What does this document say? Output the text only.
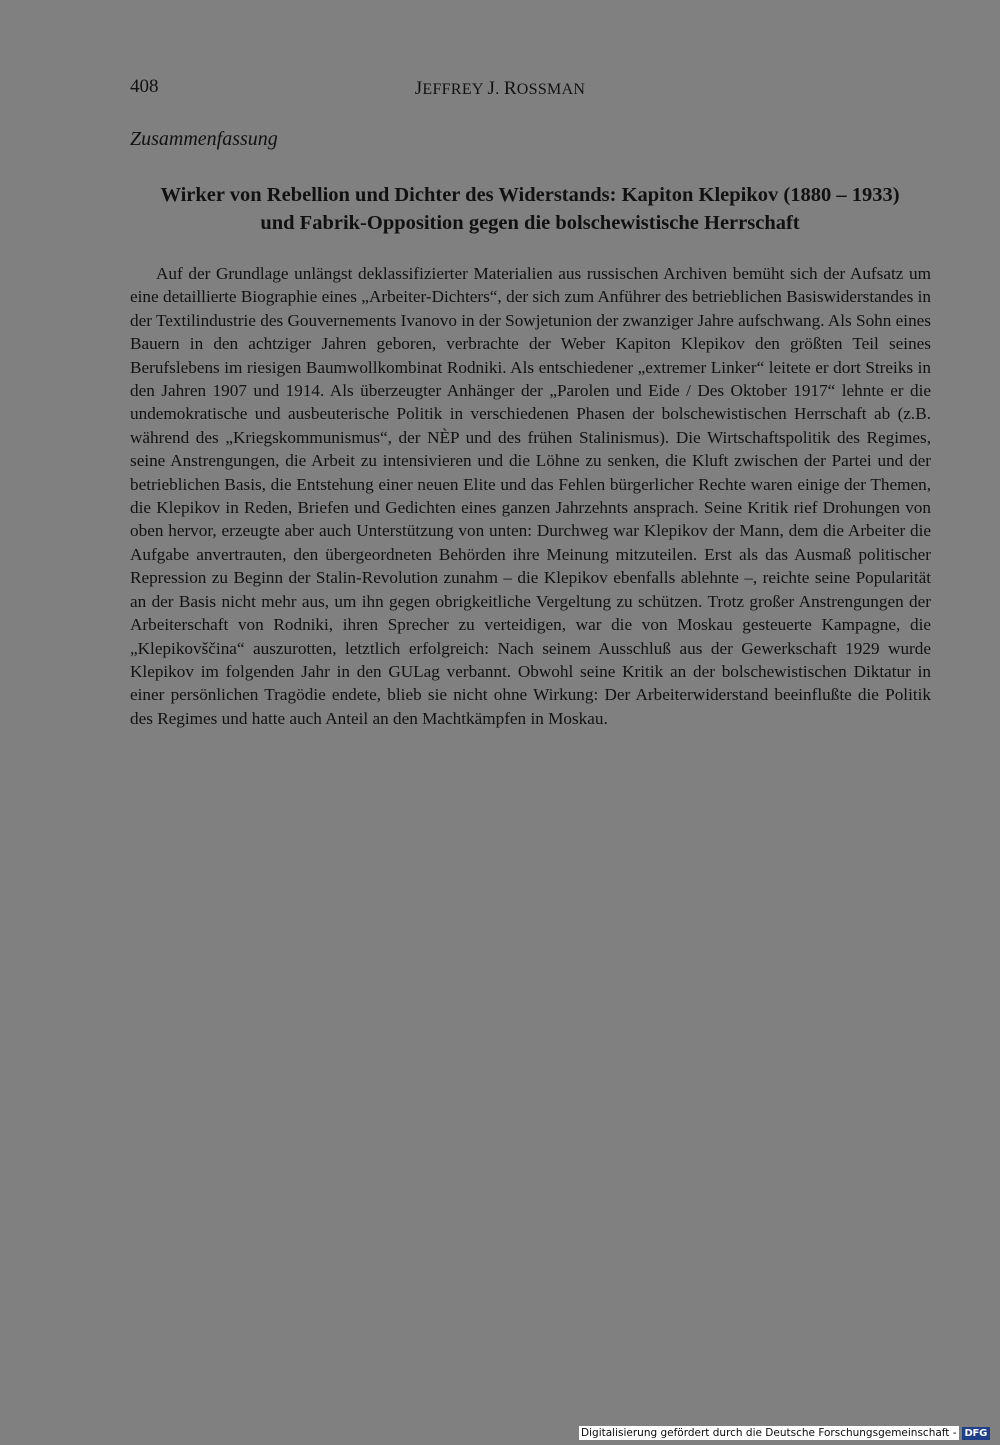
408	JEFFREY J. ROSSMAN
Zusammenfassung
Wirker von Rebellion und Dichter des Widerstands: Kapiton Klepikov (1880 – 1933)
und Fabrik-Opposition gegen die bolschewistische Herrschaft
Auf der Grundlage unlängst deklassifizierter Materialien aus russischen Archiven bemüht sich der Aufsatz um eine detaillierte Biographie eines „Arbeiter-Dichters“, der sich zum Anführer des betrieblichen Basiswiderstandes in der Textilindustrie des Gouvernements Ivanovo in der Sowjetunion der zwanziger Jahre aufschwang. Als Sohn eines Bauern in den achtziger Jahren geboren, verbrachte der Weber Kapiton Klepikov den größten Teil seines Berufslebens im riesigen Baumwollkombinat Rodniki. Als entschiedener „extremer Linker“ leitete er dort Streiks in den Jahren 1907 und 1914. Als überzeugter Anhänger der „Parolen und Eide / Des Oktober 1917“ lehnte er die undemokratische und ausbeuterische Politik in verschiedenen Phasen der bolschewistischen Herrschaft ab (z.B. während des „Kriegskommunismus“, der NÈP und des frühen Stalinismus). Die Wirtschaftspolitik des Regimes, seine Anstrengungen, die Arbeit zu intensivieren und die Löhne zu senken, die Kluft zwischen der Partei und der betrieblichen Basis, die Entstehung einer neuen Elite und das Fehlen bürgerlicher Rechte waren einige der Themen, die Klepikov in Reden, Briefen und Gedichten eines ganzen Jahrzehnts ansprach. Seine Kritik rief Drohungen von oben hervor, erzeugte aber auch Unterstützung von unten: Durchweg war Klepikov der Mann, dem die Arbeiter die Aufgabe anvertrauten, den übergeordneten Behörden ihre Meinung mitzuteilen. Erst als das Ausmaß politischer Repression zu Beginn der Stalin-Revolution zunahm – die Klepikov ebenfalls ablehnte –, reichte seine Popularität an der Basis nicht mehr aus, um ihn gegen obrigkeitliche Vergeltung zu schützen. Trotz großer Anstrengungen der Arbeiterschaft von Rodniki, ihren Sprecher zu verteidigen, war die von Moskau gesteuerte Kampagne, die „Klepikovščina“ auszurotten, letztlich erfolgreich: Nach seinem Ausschluß aus der Gewerkschaft 1929 wurde Klepikov im folgenden Jahr in den GULag verbannt. Obwohl seine Kritik an der bolschewistischen Diktatur in einer persönlichen Tragödie endete, blieb sie nicht ohne Wirkung: Der Arbeiterwiderstand beeinflußte die Politik des Regimes und hatte auch Anteil an den Machtkämpfen in Moskau.
Digitalisierung gefördert durch die Deutsche Forschungsgemeinschaft - DFG
